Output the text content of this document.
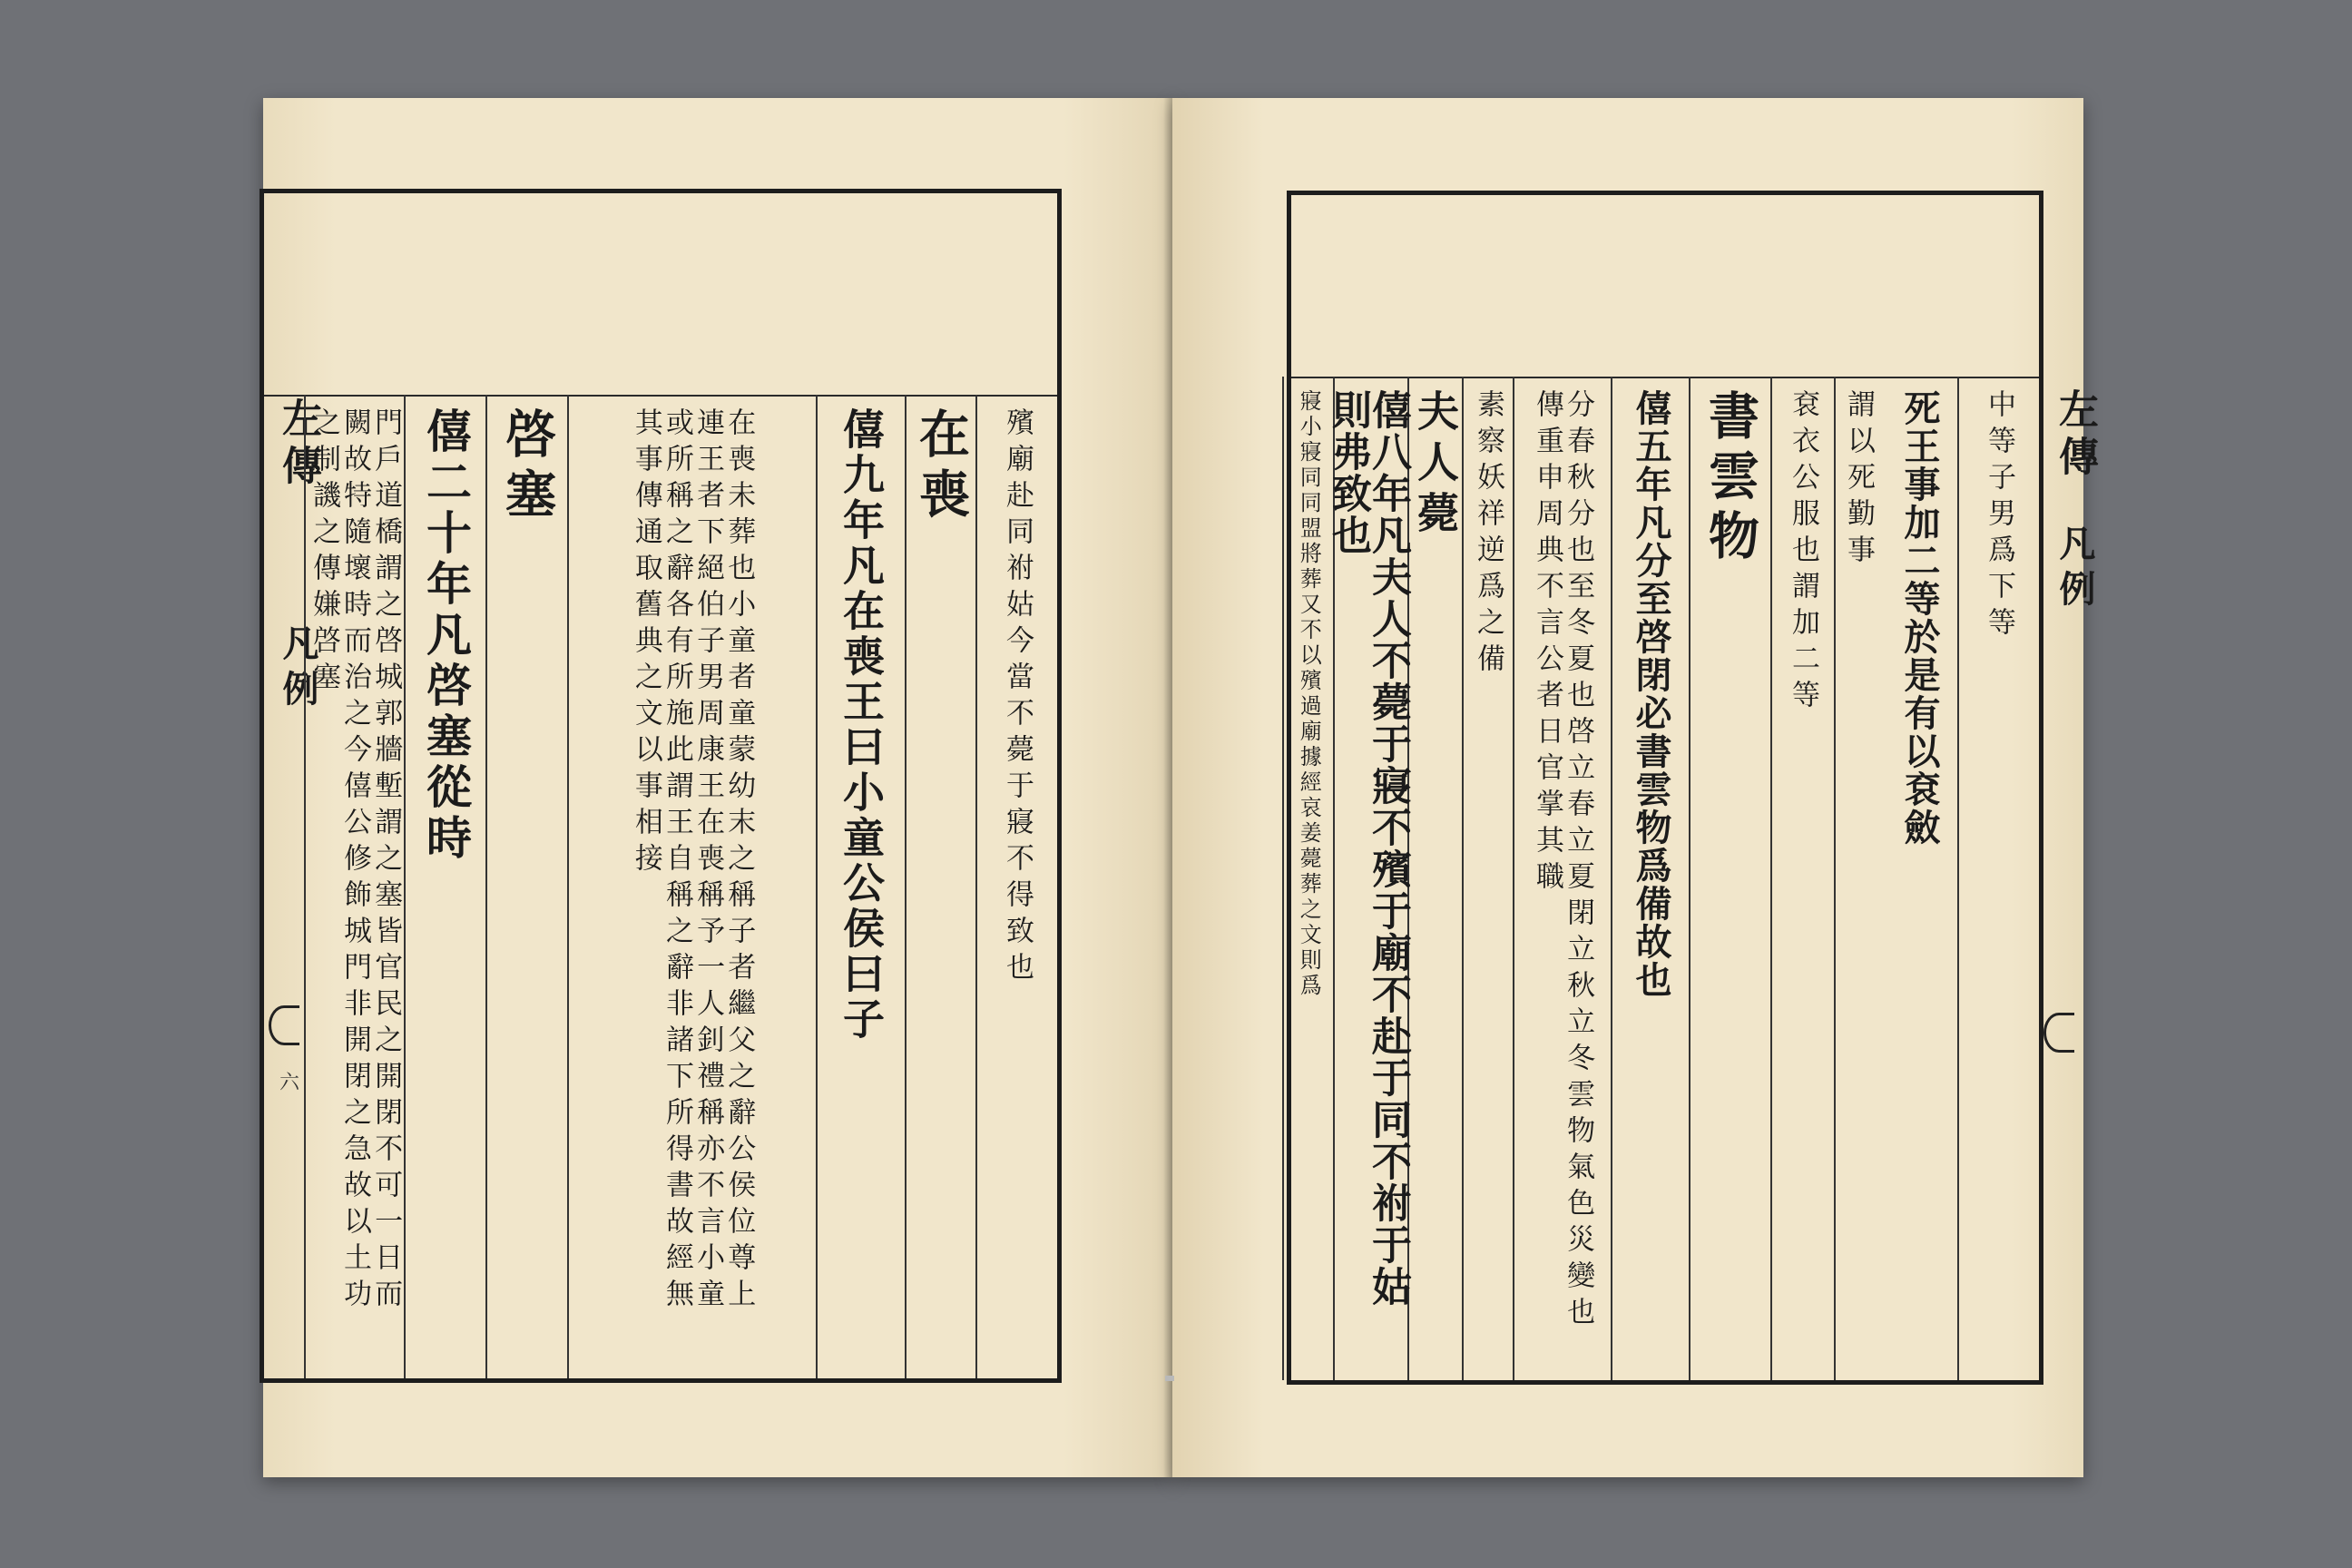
左傳
凡例
六
殯廟赴同祔姑今當不薨于寢不得致也
在喪
僖九年凡在喪王曰小童公侯曰子
在喪未葬也小童者童蒙幼末之稱子者繼父之辭公侯位尊上連王者下絕伯子男周康王在喪稱予一人釗禮稱亦不言小童或所稱之辭各有所施此謂王自稱之辭非諸下所得書故經無其事傳通取舊典之文以事相接
啓塞
僖二十年凡啓塞從時
門戶道橋謂之啓城郭牆塹謂之塞皆官民之開閉不可一日而闕故特隨壞時而治之今僖公修飾城門非開閉之急故以土功之制譏之傳嫌啓塞	中等子男爲下等
死王事加二等於是有以袞斂
謂以死勤事
袞衣公服也謂加二等
書雲物
僖五年凡分至啓閉必書雲物爲備故也
分春秋分也至冬夏也啓立春立夏閉立秋立冬雲物氣色災變也傳重申周典不言公者日官掌其職
素察妖祥逆爲之備
夫人薨
僖八年凡夫人不薨于寢不殯于廟不赴于同不祔于姑則弗致也
寢小寢同同盟將葬又不以殯過廟據經哀姜薨葬之文則爲	左傳
凡例
